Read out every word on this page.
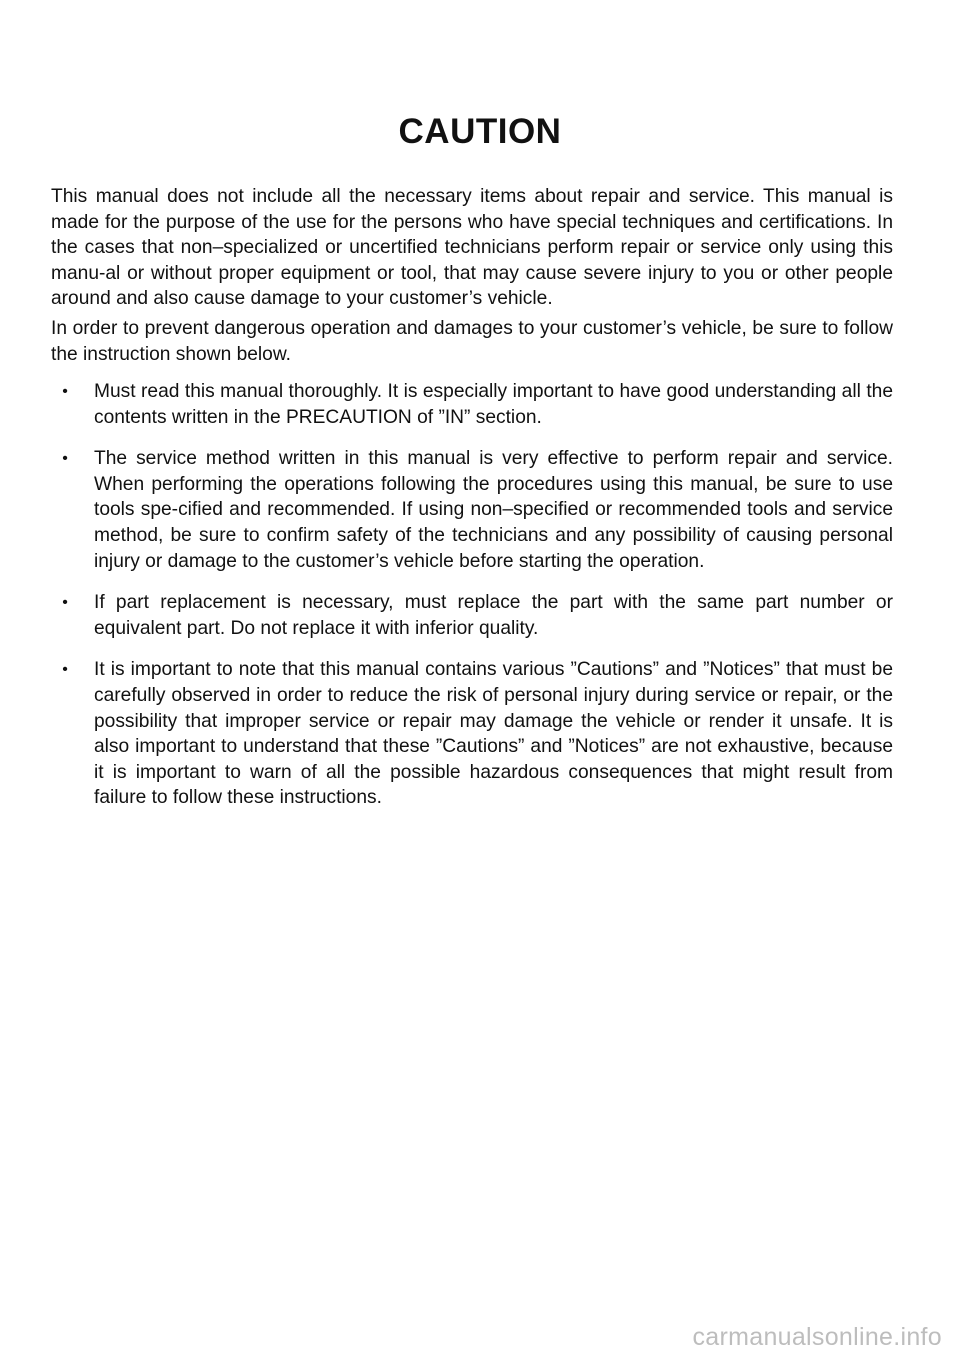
CAUTION

This manual does not include all the necessary items about repair and service. This manual is made for the purpose of the use for the persons who have special techniques and certifications. In the cases that non–specialized or uncertified technicians perform repair or service only using this manu-al or without proper equipment or tool, that may cause severe injury to you or other people around and also cause damage to your customer’s vehicle.

In order to prevent dangerous operation and damages to your customer’s vehicle, be sure to follow the instruction shown below.

• Must read this manual thoroughly. It is especially important to have good understanding all the contents written in the PRECAUTION of ”IN” section.
• The service method written in this manual is very effective to perform repair and service. When performing the operations following the procedures using this manual, be sure to use tools spe-cified and recommended. If using non–specified or recommended tools and service method, be sure to confirm safety of the technicians and any possibility of causing personal injury or damage to the customer’s vehicle before starting the operation.
• If part replacement is necessary, must replace the part with the same part number or equivalent part. Do not replace it with inferior quality.
• It is important to note that this manual contains various ”Cautions” and ”Notices” that must be carefully observed in order to reduce the risk of personal injury during service or repair, or the possibility that improper service or repair may damage the vehicle or render it unsafe. It is also important to understand that these ”Cautions” and ”Notices” are not exhaustive, because it is important to warn of all the possible hazardous consequences that might result from failure to follow these instructions.
carmanualsonline.info
